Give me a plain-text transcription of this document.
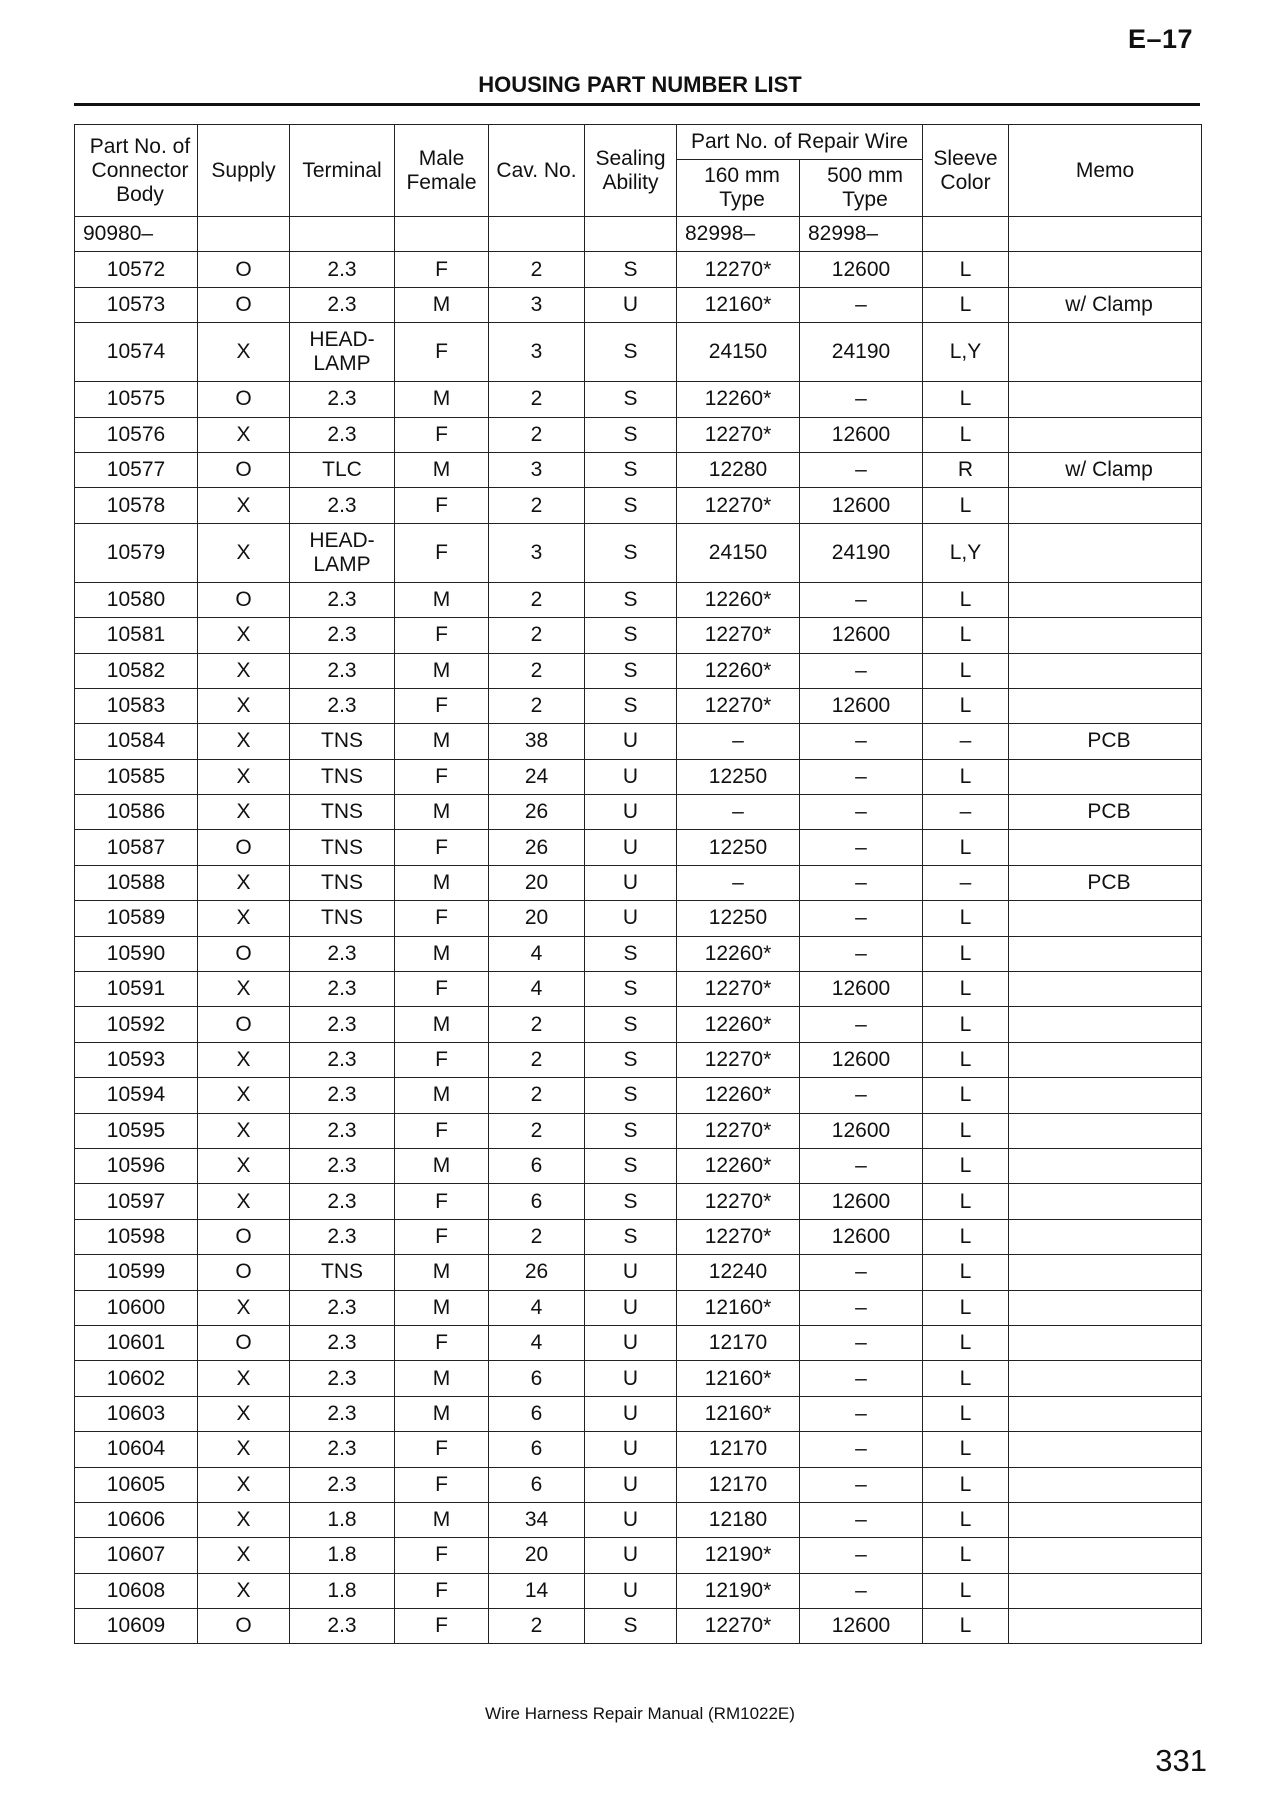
E–17
HOUSING PART NUMBER LIST
Part No. of Connector Body	Supply	Terminal	Male Female	Cav. No.	Sealing Ability	Part No. of Repair Wire		Sleeve Color	Memo
						160 mm Type	500 mm Type		
90980–						82998–	82998–		
10572	O	2.3	F	2	S	12270*	12600	L	
10573	O	2.3	M	3	U	12160*	–	L	w/ Clamp
10574	X	HEAD- LAMP	F	3	S	24150	24190	L,Y	
10575	O	2.3	M	2	S	12260*	–	L	
10576	X	2.3	F	2	S	12270*	12600	L	
10577	O	TLC	M	3	S	12280	–	R	w/ Clamp
10578	X	2.3	F	2	S	12270*	12600	L	
10579	X	HEAD- LAMP	F	3	S	24150	24190	L,Y	
10580	O	2.3	M	2	S	12260*	–	L	
10581	X	2.3	F	2	S	12270*	12600	L	
10582	X	2.3	M	2	S	12260*	–	L	
10583	X	2.3	F	2	S	12270*	12600	L	
10584	X	TNS	M	38	U	–	–	–	PCB
10585	X	TNS	F	24	U	12250	–	L	
10586	X	TNS	M	26	U	–	–	–	PCB
10587	O	TNS	F	26	U	12250	–	L	
10588	X	TNS	M	20	U	–	–	–	PCB
10589	X	TNS	F	20	U	12250	–	L	
10590	O	2.3	M	4	S	12260*	–	L	
10591	X	2.3	F	4	S	12270*	12600	L	
10592	O	2.3	M	2	S	12260*	–	L	
10593	X	2.3	F	2	S	12270*	12600	L	
10594	X	2.3	M	2	S	12260*	–	L	
10595	X	2.3	F	2	S	12270*	12600	L	
10596	X	2.3	M	6	S	12260*	–	L	
10597	X	2.3	F	6	S	12270*	12600	L	
10598	O	2.3	F	2	S	12270*	12600	L	
10599	O	TNS	M	26	U	12240	–	L	
10600	X	2.3	M	4	U	12160*	–	L	
10601	O	2.3	F	4	U	12170	–	L	
10602	X	2.3	M	6	U	12160*	–	L	
10603	X	2.3	M	6	U	12160*	–	L	
10604	X	2.3	F	6	U	12170	–	L	
10605	X	2.3	F	6	U	12170	–	L	
10606	X	1.8	M	34	U	12180	–	L	
10607	X	1.8	F	20	U	12190*	–	L	
10608	X	1.8	F	14	U	12190*	–	L	
10609	O	2.3	F	2	S	12270*	12600	L	
Wire Harness Repair Manual (RM1022E)
331
